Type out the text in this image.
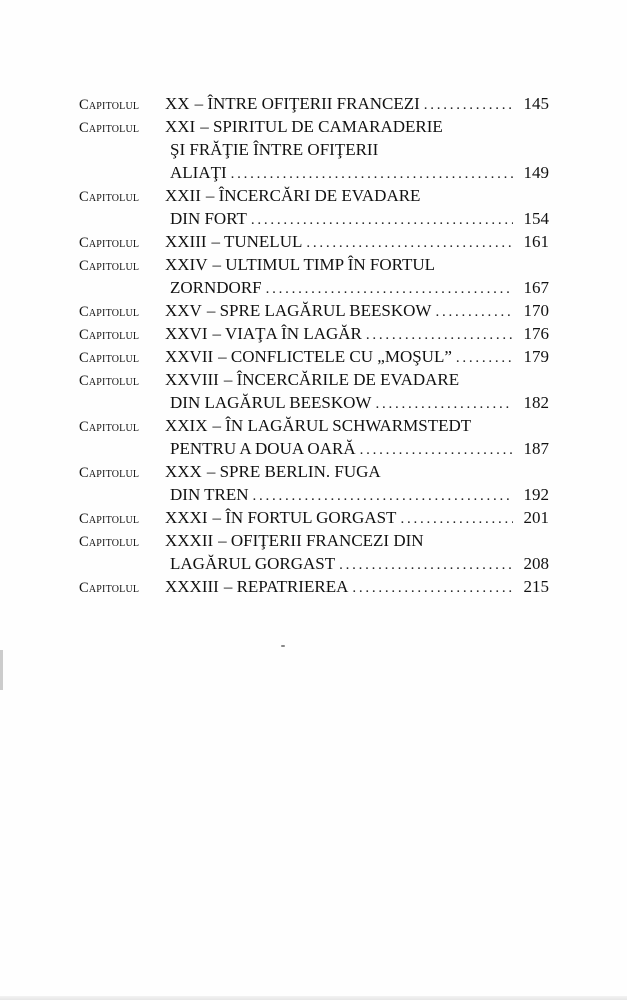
Capitolul	XX – ÎNTRE OFIŢERII FRANCEZI . . .	145
Capitolul	XXI – SPIRITUL DE CAMARADERIE
ŞI FRĂŢIE ÎNTRE OFIŢERII
ALIAŢI . . .	149
Capitolul	XXII – ÎNCERCĂRI DE EVADARE
DIN FORT . . .	154
Capitolul	XXIII – TUNELUL . . .	161
Capitolul	XXIV – ULTIMUL TIMP ÎN FORTUL
ZORNDORF . . .	167
Capitolul	XXV – SPRE LAGĂRUL BEESKOW . . .	170
Capitolul	XXVI – VIAŢA ÎN LAGĂR . . .	176
Capitolul	XXVII – CONFLICTELE CU „MOŞUL” . . .	179
Capitolul	XXVIII – ÎNCERCĂRILE DE EVADARE
DIN LAGĂRUL BEESKOW . . .	182
Capitolul	XXIX – ÎN LAGĂRUL SCHWARMSTEDT
PENTRU A DOUA OARĂ . . .	187
Capitolul	XXX – SPRE BERLIN. FUGA
DIN TREN . . .	192
Capitolul	XXXI – ÎN FORTUL GORGAST . . .	201
Capitolul	XXXII – OFIŢERII FRANCEZI DIN
LAGĂRUL GORGAST . . .	208
Capitolul	XXXIII – REPATRIEREA . . .	215
